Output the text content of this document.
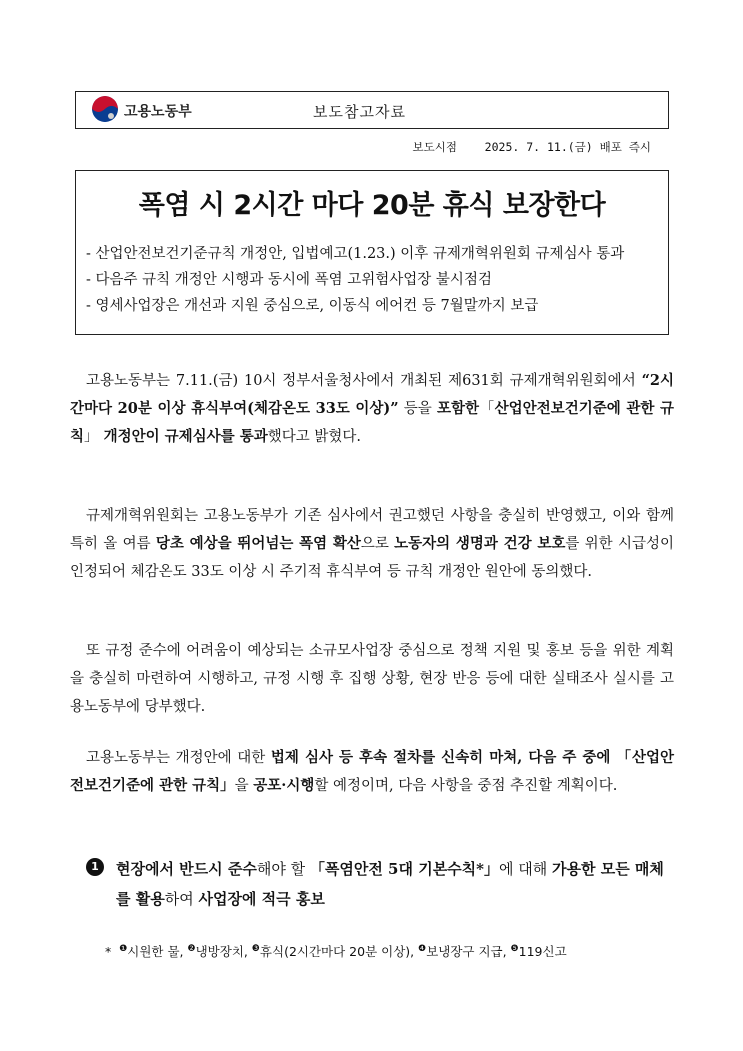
고용노동부	보도참고자료
보도시점 2025. 7. 11.(금) 배포 즉시
폭염 시 2시간 마다 20분 휴식 보장한다
- 산업안전보건기준규칙 개정안, 입법예고(1.23.) 이후 규제개혁위원회 규제심사 통과
- 다음주 규칙 개정안 시행과 동시에 폭염 고위험사업장 불시점검
- 영세사업장은 개선과 지원 중심으로, 이동식 에어컨 등 7월말까지 보급
고용노동부는 7.11.(금) 10시 정부서울청사에서 개최된 제631회 규제개혁위원회에서 “2시간마다 20분 이상 휴식부여(체감온도 33도 이상)” 등을 포함한「산업안전보건기준에 관한 규칙」 개정안이 규제심사를 통과했다고 밝혔다.
규제개혁위원회는 고용노동부가 기존 심사에서 권고했던 사항을 충실히 반영했고, 이와 함께 특히 올 여름 당초 예상을 뛰어넘는 폭염 확산으로 노동자의 생명과 건강 보호를 위한 시급성이 인정되어 체감온도 33도 이상 시 주기적 휴식부여 등 규칙 개정안 원안에 동의했다.
또 규정 준수에 어려움이 예상되는 소규모사업장 중심으로 정책 지원 및 홍보 등을 위한 계획을 충실히 마련하여 시행하고, 규정 시행 후 집행 상황, 현장 반응 등에 대한 실태조사 실시를 고용노동부에 당부했다.
고용노동부는 개정안에 대한 법제 심사 등 후속 절차를 신속히 마쳐, 다음 주 중에 「산업안전보건기준에 관한 규칙」을 공포·시행할 예정이며, 다음 사항을 중점 추진할 계획이다.
1	현장에서 반드시 준수해야 할 「폭염안전 5대 기본수칙*」에 대해 가용한 모든 매체를 활용하여 사업장에 적극 홍보
* $^❶$시원한 물, $^❷$냉방장치, $^❸$휴식(2시간마다 20분 이상), $^❹$보냉장구 지급, $^❺$119신고
